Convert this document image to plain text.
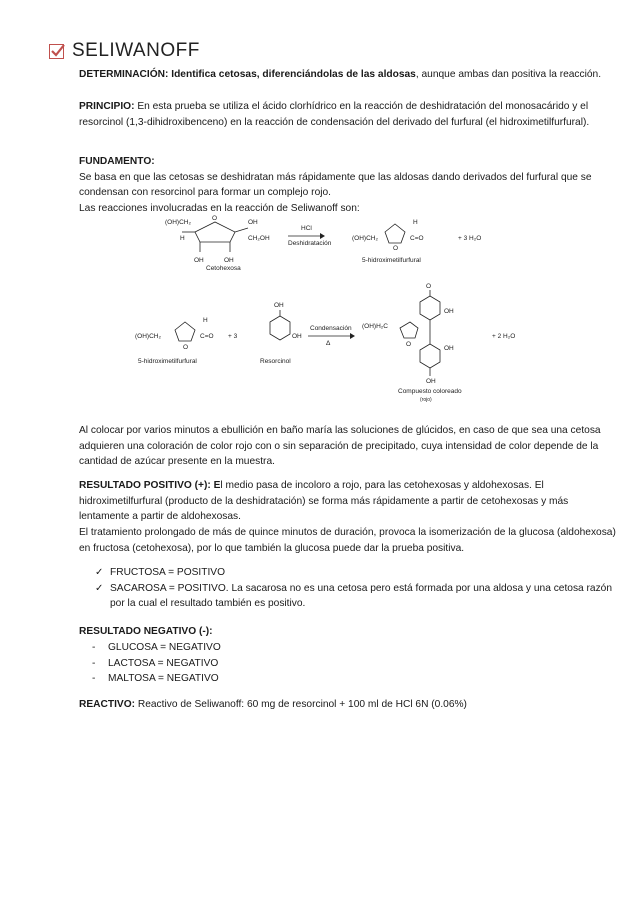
SELIWANOFF
DETERMINACIÓN: Identifica cetosas, diferenciándolas de las aldosas, aunque ambas dan positiva la reacción.
PRINCIPIO: En esta prueba se utiliza el ácido clorhídrico en la reacción de deshidratación del monosacárido y el resorcinol (1,3-dihidroxibenceno) en la reacción de condensación del derivado del furfural (el hidroximetilfurfural).
FUNDAMENTO:
Se basa en que las cetosas se deshidratan más rápidamente que las aldosas dando derivados del furfural que se condensan con resorcinol para formar un complejo rojo.
Las reacciones involucradas en la reacción de Seliwanoff son:
(OH)CH₂
O
OH
H	CH₂OH
OH	OH
Cetohexosa
HCl
Deshidratación
(OH)CH₂
O
H
C=O	+ 3 H₂O
5-hidroximetilfurfural
(OH)CH₂
O
H
C=O
5-hidroximetilfurfural
+ 3
OH
OH
Resorcinol
Condensación
Δ
O
OH
(OH)H₂C
O
OH
OH
+ 2 H₂O
Compuesto coloreado
(rojo)
Al colocar por varios minutos a ebullición en baño maría las soluciones de glúcidos, en caso de que sea una cetosa adquieren una coloración de color rojo con o sin separación de precipitado, cuya intensidad de color depende de la cantidad de azúcar presente en la muestra.
RESULTADO POSITIVO (+): El medio pasa de incoloro a rojo, para las cetohexosas y aldohexosas. El hidroximetilfurfural (producto de la deshidratación) se forma más rápidamente a partir de cetohexosas y más lentamente a partir de aldohexosas.
El tratamiento prolongado de más de quince minutos de duración, provoca la isomerización de la glucosa (aldohexosa) en fructosa (cetohexosa), por lo que también la glucosa puede dar la prueba positiva.
✓ FRUCTOSA = POSITIVO
✓ SACAROSA = POSITIVO. La sacarosa no es una cetosa pero está formada por una aldosa y una cetosa razón por la cual el resultado también es positivo.
RESULTADO NEGATIVO (-):
- GLUCOSA = NEGATIVO
- LACTOSA = NEGATIVO
- MALTOSA = NEGATIVO
REACTIVO: Reactivo de Seliwanoff: 60 mg de resorcinol + 100 ml de HCl 6N (0.06%)
